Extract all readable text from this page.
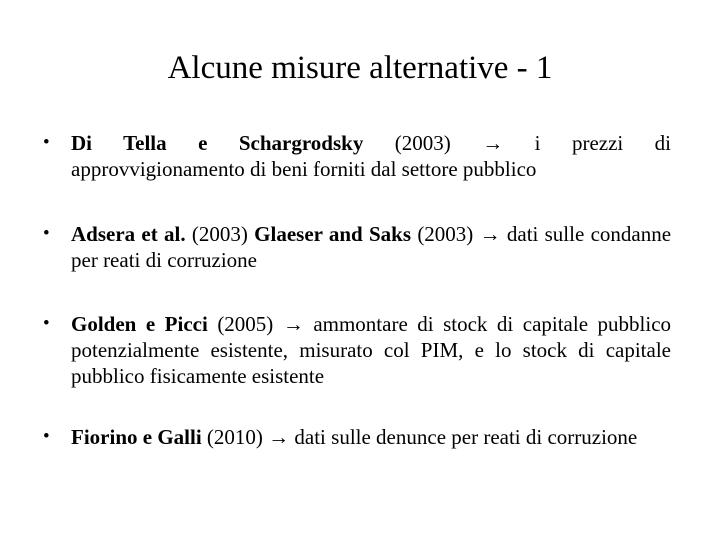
Alcune misure alternative - 1
•	Di Tella e Schargrodsky (2003) → i prezzi di
approvvigionamento di beni forniti dal settore pubblico
•	Adsera et al. (2003) Glaeser and Saks (2003) → dati sulle condanne per reati di corruzione
•	Golden e Picci (2005) → ammontare di stock di capitale pubblico potenzialmente esistente, misurato col PIM, e lo stock di capitale pubblico fisicamente esistente
•	Fiorino e Galli (2010) → dati sulle denunce per reati di corruzione
